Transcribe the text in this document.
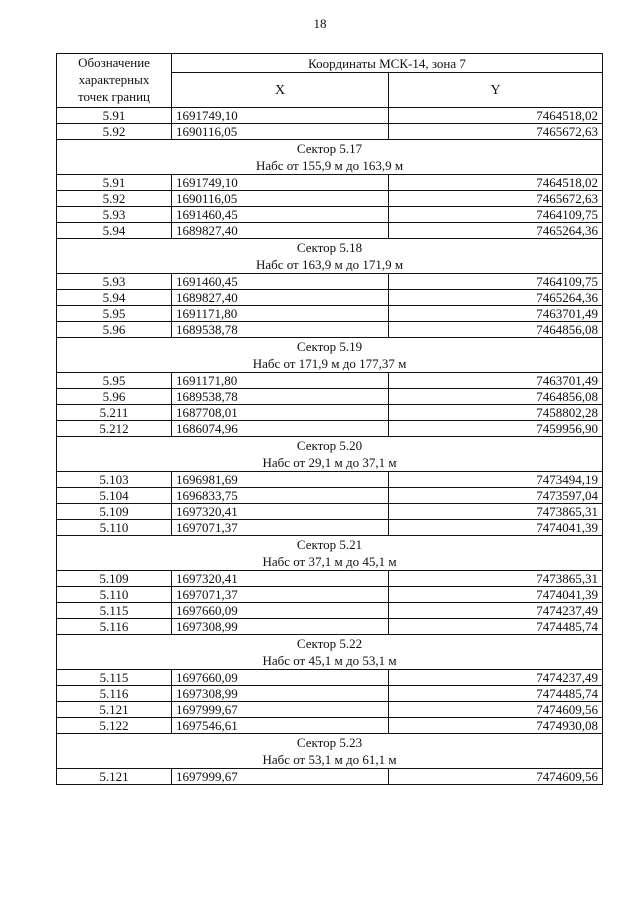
18
Обозначение
характерных
точек границ	Координаты МСК-14, зона 7	
	X	Y
5.91	1691749,10	7464518,02
5.92	1690116,05	7465672,63

Сектор 5.17
Набс от 155,9 м до 163,9 м		

5.91	1691749,10	7464518,02
5.92	1690116,05	7465672,63
5.93	1691460,45	7464109,75
5.94	1689827,40	7465264,36

Сектор 5.18
Набс от 163,9 м до 171,9 м		

5.93	1691460,45	7464109,75
5.94	1689827,40	7465264,36
5.95	1691171,80	7463701,49
5.96	1689538,78	7464856,08

Сектор 5.19
Набс от 171,9 м до 177,37 м		

5.95	1691171,80	7463701,49
5.96	1689538,78	7464856,08
5.211	1687708,01	7458802,28
5.212	1686074,96	7459956,90

Сектор 5.20
Набс от 29,1 м до 37,1 м		

5.103	1696981,69	7473494,19
5.104	1696833,75	7473597,04
5.109	1697320,41	7473865,31
5.110	1697071,37	7474041,39

Сектор 5.21
Набс от 37,1 м до 45,1 м		

5.109	1697320,41	7473865,31
5.110	1697071,37	7474041,39
5.115	1697660,09	7474237,49
5.116	1697308,99	7474485,74

Сектор 5.22
Набс от 45,1 м до 53,1 м		

5.115	1697660,09	7474237,49
5.116	1697308,99	7474485,74
5.121	1697999,67	7474609,56
5.122	1697546,61	7474930,08

Сектор 5.23
Набс от 53,1 м до 61,1 м		

5.121	1697999,67	7474609,56
